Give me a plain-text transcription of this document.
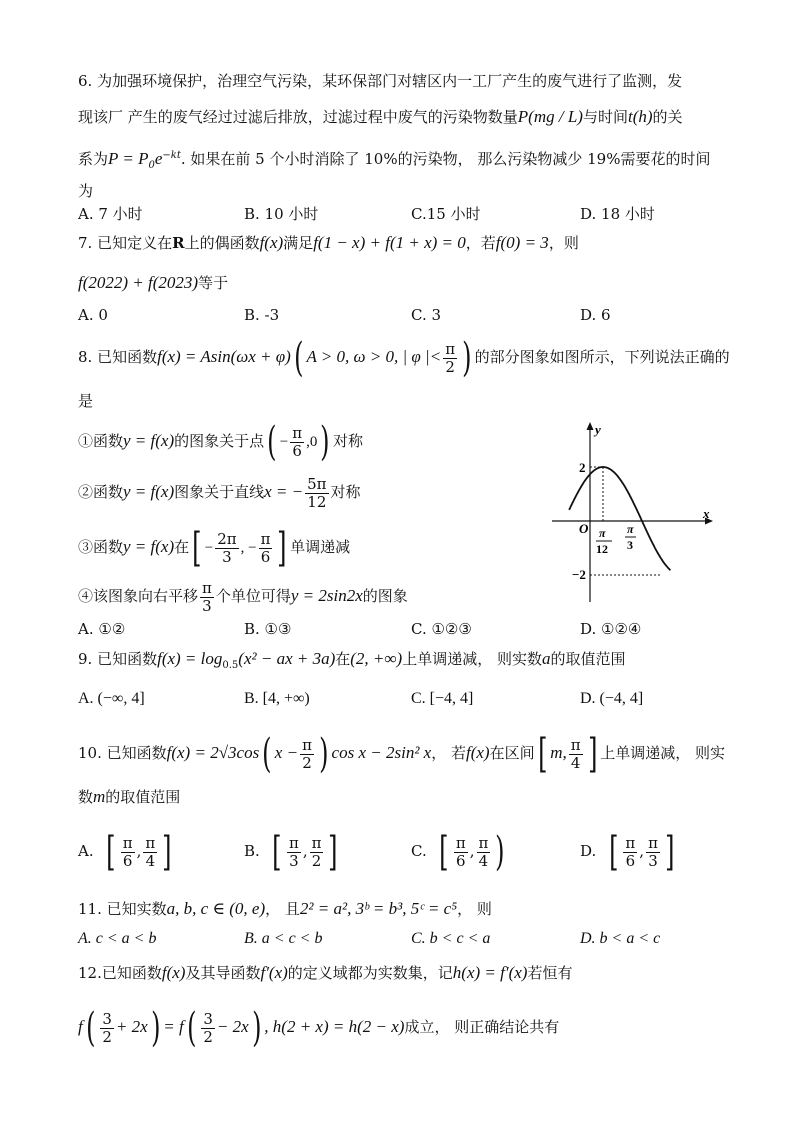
6. 为加强环境保护，治理空气污染，某环保部门对辖区内一工厂产生的废气进行了监测，发
现该厂 产生的废气经过过滤后排放，过滤过程中废气的污染物数量P(mg / L)与时间t(h)的关
系为$P = P_0e^{-kt}$. 如果在前 5 个小时消除了 10%的污染物， 那么污染物减少 19%需要花的时间
为
A. 7 小时	B. 10 小时	C.15 小时	D. 18 小时
7. 已知定义在R上的偶函数f(x)满足f(1 − x) + f(1 + x) = 0，若f(0) = 3，则
f(2022) + f(2023)等于
A. 0	B. -3	C. 3	D. 6
8. 已知函数f(x) = Asin(ωx + φ)( A > 0, ω > 0, | φ |< $\frac{\pi}{2}$ ) 的部分图象如图所示，下列说法正确的
是
①函数y = f(x)的图象关于点( − $\frac{\pi}{6} ,0$) 对称
②函数y = f(x)图象关于直线x = − $\frac{5\pi}{12}$ 对称
③函数y = f(x)在[ − $\frac{2\pi}{3}$ , − $\frac{\pi}{6}$ ] 单调递减
④该图象向右平移 $\frac{\pi}{3}$ 个单位可得y = 2sin2x的图象
y
x
O
2
−2
π
12
π
3
A. ①②	B. ①③	C. ①②③	D. ①②④
9. 已知函数$f(x) = \log_{0.5}(x^2$ − ax + 3a)在(2, +∞)上单调递减， 则实数a的取值范围
A. (−∞, 4]	B. [4, +∞)	C. [−4, 4]	D. (−4, 4]
10. 已知函数f(x) = 2√3cos( $x - \frac{\pi}{2}$ ) cos x − 2sin² x， 若f(x)在区间[ m, $\frac{\pi}{4}$ ] 上单调递减， 则实
数m的取值范围
A. [ $\frac{\pi}{6}$ , $\frac{\pi}{4}$ ]	B. [ $\frac{\pi}{3}$ , $\frac{\pi}{2}$ ]	C. [ $\frac{\pi}{6}$ , $\frac{\pi}{4}$ )	D. [ $\frac{\pi}{6}$ , $\frac{\pi}{3}$ ]
11. 已知实数a, b, c ∈ (0, e)， 且2² = a², 3ᵇ = b³, 5ᶜ = c⁵， 则
A. c < a < b	B. a < c < b	C. b < c < a	D. b < a < c
12.已知函数f(x)及其导函数f′(x)的定义域都为实数集，记h(x) = f′(x)若恒有
$f( \frac{3}{2} + 2x) = f( \frac{3}{2} - 2x)$ , h(2 + x) = h(2 − x)成立， 则正确结论共有
